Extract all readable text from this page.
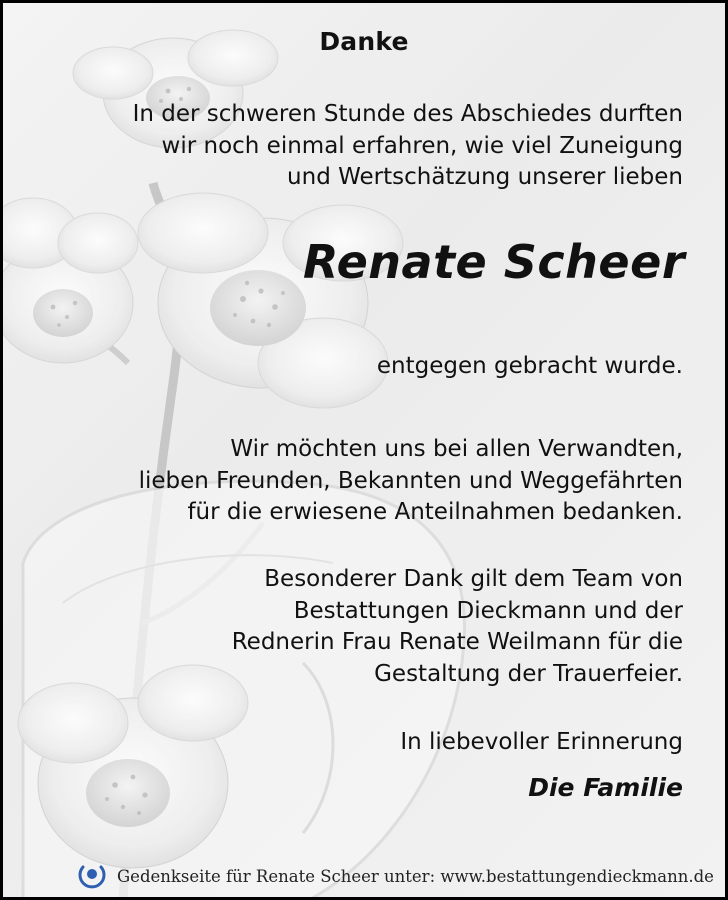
Danke
In der schweren Stunde des Abschiedes durften
wir noch einmal erfahren, wie viel Zuneigung
und Wertschätzung unserer lieben
Renate Scheer
entgegen gebracht wurde.
Wir möchten uns bei allen Verwandten,
lieben Freunden, Bekannten und Weggefährten
für die erwiesene Anteilnahmen bedanken.
Besonderer Dank gilt dem Team von
Bestattungen Dieckmann und der
Rednerin Frau Renate Weilmann für die
Gestaltung der Trauerfeier.
In liebevoller Erinnerung
Die Familie
Gedenkseite für Renate Scheer unter: www.bestattungendieckmann.de
